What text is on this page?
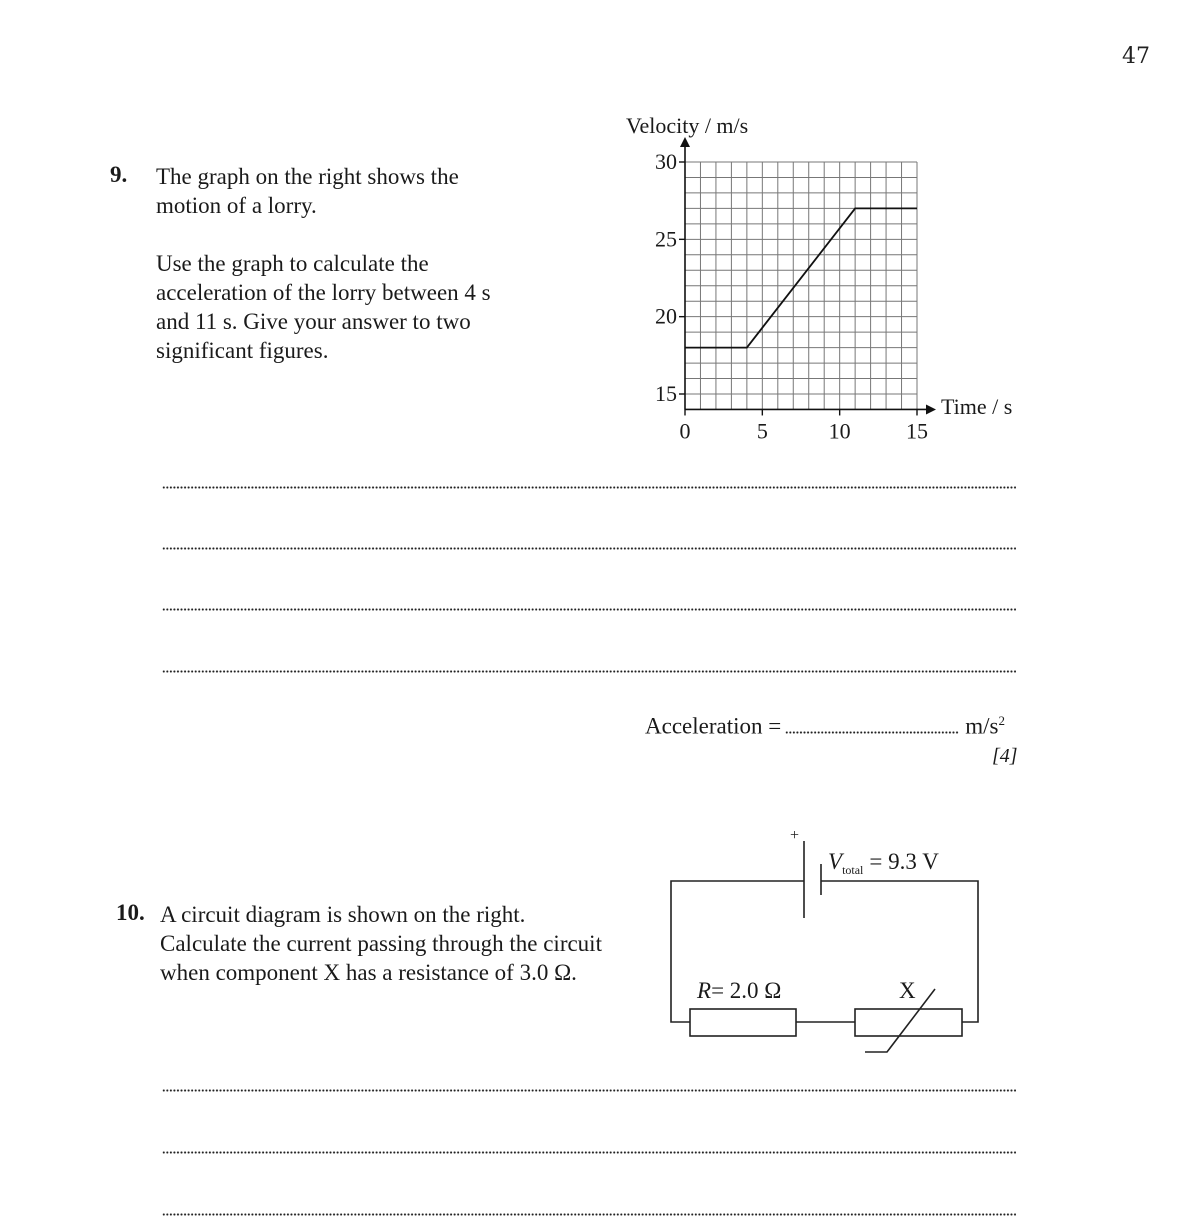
47
9. The graph on the right shows the motion of a lorry.

Use the graph to calculate the acceleration of the lorry between 4 s and 11 s. Give your answer to two significant figures.

15
20
25
30
0	5	10	15
Velocity / m/s
Time / s
Acceleration =	$m/s^2$
[4]
10. A circuit diagram is shown on the right.

Calculate the current passing through the circuit

when component X has a resistance of 3.0 Ω.

+
$V_{total} = 9.3$ V
R= 2.0 Ω	X
